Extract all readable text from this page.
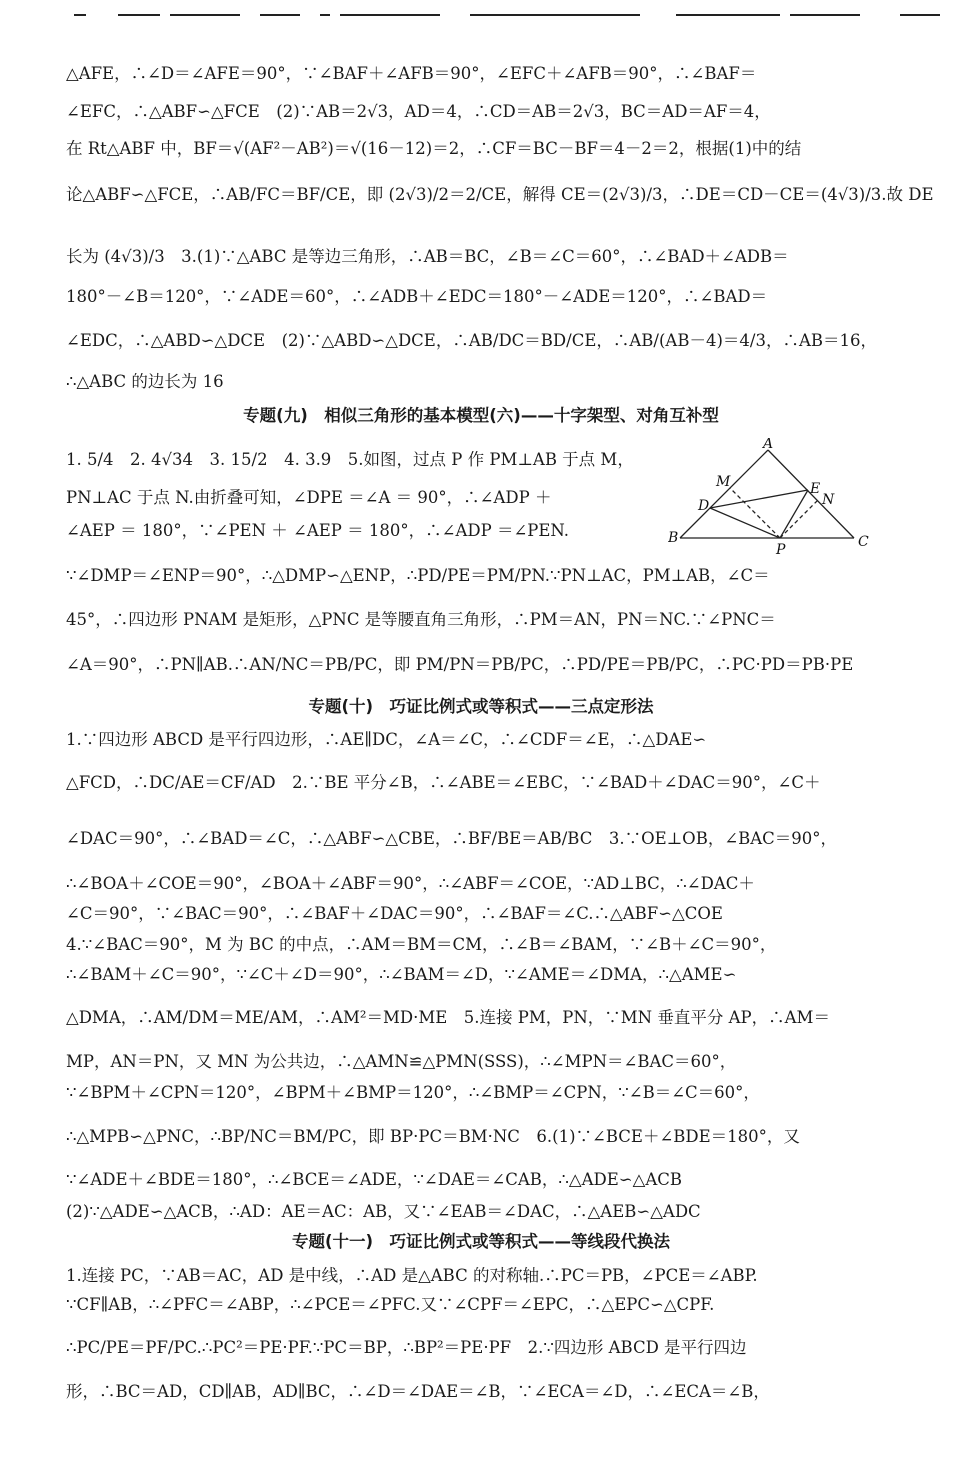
△AFE，∴∠D＝∠AFE＝90°，∵∠BAF＋∠AFB＝90°，∠EFC＋∠AFB＝90°，∴∠BAF＝
∠EFC，∴△ABF∽△FCE　(2)∵AB＝2√3，AD＝4，∴CD＝AB＝2√3，BC＝AD＝AF＝4，
在 Rt△ABF 中，BF＝√(AF²－AB²)＝√(16－12)＝2，∴CF＝BC－BF＝4－2＝2，根据(1)中的结
论△ABF∽△FCE，∴AB/FC＝BF/CE，即 (2√3)/2＝2/CE，解得 CE＝(2√3)/3，∴DE＝CD－CE＝(4√3)/3.故 DE
长为 (4√3)/3　3.(1)∵△ABC 是等边三角形，∴AB＝BC，∠B＝∠C＝60°，∴∠BAD＋∠ADB＝
180°－∠B＝120°，∵∠ADE＝60°，∴∠ADB＋∠EDC＝180°－∠ADE＝120°，∴∠BAD＝
∠EDC，∴△ABD∽△DCE　(2)∵△ABD∽△DCE，∴AB/DC＝BD/CE，∴AB/(AB－4)＝4/3，∴AB＝16，
∴△ABC 的边长为 16
专题(九)　相似三角形的基本模型(六)——十字架型、对角互补型
1. 5/4　2. 4√34　3. 15/2　4. 3.9　5.如图，过点 P 作 PM⊥AB 于点 M，
PN⊥AC 于点 N.由折叠可知，∠DPE ＝∠A ＝ 90°，∴∠ADP ＋
∠AEP ＝ 180°，∵∠PEN ＋ ∠AEP ＝ 180°，∴∠ADP ＝∠PEN.
A
M
D
E
N
B
P	C
∵∠DMP＝∠ENP＝90°，∴△DMP∽△ENP，∴PD/PE＝PM/PN.∵PN⊥AC，PM⊥AB，∠C＝
45°，∴四边形 PNAM 是矩形，△PNC 是等腰直角三角形，∴PM＝AN，PN＝NC.∵∠PNC＝
∠A＝90°，∴PN∥AB.∴AN/NC＝PB/PC，即 PM/PN＝PB/PC，∴PD/PE＝PB/PC，∴PC·PD＝PB·PE
专题(十)　巧证比例式或等积式——三点定形法
1.∵四边形 ABCD 是平行四边形，∴AE∥DC，∠A＝∠C，∴∠CDF＝∠E，∴△DAE∽
△FCD，∴DC/AE＝CF/AD　2.∵BE 平分∠B，∴∠ABE＝∠EBC，∵∠BAD＋∠DAC＝90°，∠C＋
∠DAC＝90°，∴∠BAD＝∠C，∴△ABF∽△CBE，∴BF/BE＝AB/BC　3.∵OE⊥OB，∠BAC＝90°，
∴∠BOA＋∠COE＝90°，∠BOA＋∠ABF＝90°，∴∠ABF＝∠COE，∵AD⊥BC，∴∠DAC＋
∠C＝90°，∵∠BAC＝90°，∴∠BAF＋∠DAC＝90°，∴∠BAF＝∠C.∴△ABF∽△COE
4.∵∠BAC＝90°，M 为 BC 的中点，∴AM＝BM＝CM，∴∠B＝∠BAM，∵∠B＋∠C＝90°，
∴∠BAM＋∠C＝90°，∵∠C＋∠D＝90°，∴∠BAM＝∠D，∵∠AME＝∠DMA，∴△AME∽
△DMA，∴AM/DM＝ME/AM，∴AM²＝MD·ME　5.连接 PM，PN，∵MN 垂直平分 AP，∴AM＝
MP，AN＝PN，又 MN 为公共边，∴△AMN≌△PMN(SSS)，∴∠MPN＝∠BAC＝60°，
∵∠BPM＋∠CPN＝120°，∠BPM＋∠BMP＝120°，∴∠BMP＝∠CPN，∵∠B＝∠C＝60°，
∴△MPB∽△PNC，∴BP/NC＝BM/PC，即 BP·PC＝BM·NC　6.(1)∵∠BCE＋∠BDE＝180°，又
∵∠ADE＋∠BDE＝180°，∴∠BCE＝∠ADE，∵∠DAE＝∠CAB，∴△ADE∽△ACB
(2)∵△ADE∽△ACB，∴AD：AE＝AC：AB，又∵∠EAB＝∠DAC，∴△AEB∽△ADC
专题(十一)　巧证比例式或等积式——等线段代换法
1.连接 PC，∵AB＝AC，AD 是中线，∴AD 是△ABC 的对称轴.∴PC＝PB，∠PCE＝∠ABP.
∵CF∥AB，∴∠PFC＝∠ABP，∴∠PCE＝∠PFC.又∵∠CPF＝∠EPC，∴△EPC∽△CPF.
∴PC/PE＝PF/PC.∴PC²＝PE·PF.∵PC＝BP，∴BP²＝PE·PF　2.∵四边形 ABCD 是平行四边
形，∴BC＝AD，CD∥AB，AD∥BC，∴∠D＝∠DAE＝∠B，∵∠ECA＝∠D，∴∠ECA＝∠B，
